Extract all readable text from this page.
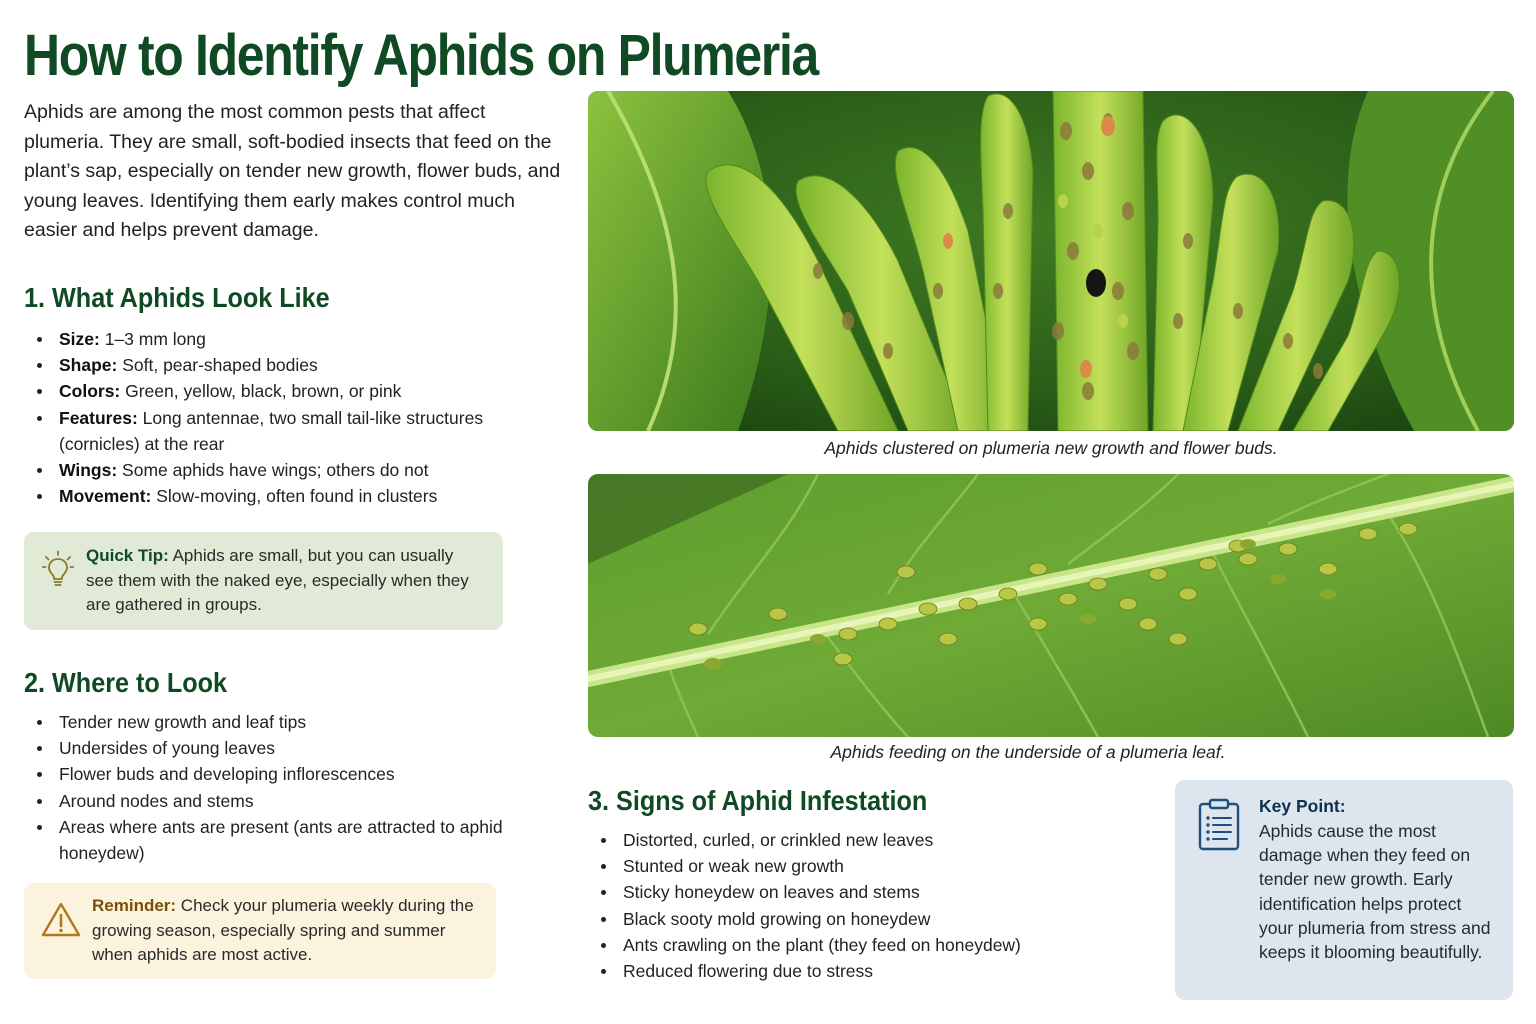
How to Identify Aphids on Plumeria

Aphids are among the most common pests that affect plumeria. They are small, soft-bodied insects that feed on the plant’s sap, especially on tender new growth, flower buds, and young leaves. Identifying them early makes control much easier and helps prevent damage.

1. What Aphids Look Like
Size: 1–3 mm long
Shape: Soft, pear-shaped bodies
Colors: Green, yellow, black, brown, or pink
Features: Long antennae, two small tail-like structures (cornicles) at the rear
Wings: Some aphids have wings; others do not
Movement: Slow-moving, often found in clusters

Quick Tip: Aphids are small, but you can usually see them with the naked eye, especially when they are gathered in groups.

2. Where to Look
Tender new growth and leaf tips
Undersides of young leaves
Flower buds and developing inflorescences
Around nodes and stems
Areas where ants are present (ants are attracted to aphid honeydew)

Reminder: Check your plumeria weekly during the growing season, especially spring and summer when aphids are most active.

Aphids clustered on plumeria new growth and flower buds.

Aphids feeding on the underside of a plumeria leaf.

3. Signs of Aphid Infestation
Distorted, curled, or crinkled new leaves
Stunted or weak new growth
Sticky honeydew on leaves and stems
Black sooty mold growing on honeydew
Ants crawling on the plant (they feed on honeydew)
Reduced flowering due to stress
Key Point:

Aphids cause the most damage when they feed on tender new growth. Early identification helps protect your plumeria from stress and keeps it blooming beautifully.
